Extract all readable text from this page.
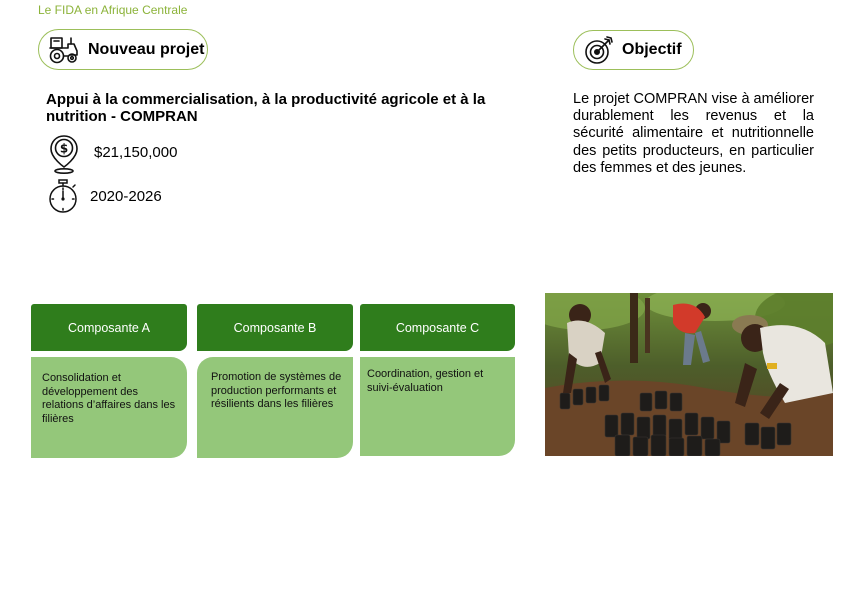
Le FIDA en Afrique Centrale
Nouveau projet	Objectif
Appui à la commercialisation, à la productivité agricole et à la nutrition - COMPRAN
$ $21,150,000
2020-2026
Le projet COMPRAN vise à améliorer durablement les revenus et la sécurité alimentaire et nutritionnelle des petits producteurs, en particulier des femmes et des jeunes.
Composante A	Composante B	Composante C
Consolidation et développement des relations d’affaires dans les filières
Promotion de systèmes de production performants et résilients dans les filières
Coordination, gestion et suivi-évaluation
